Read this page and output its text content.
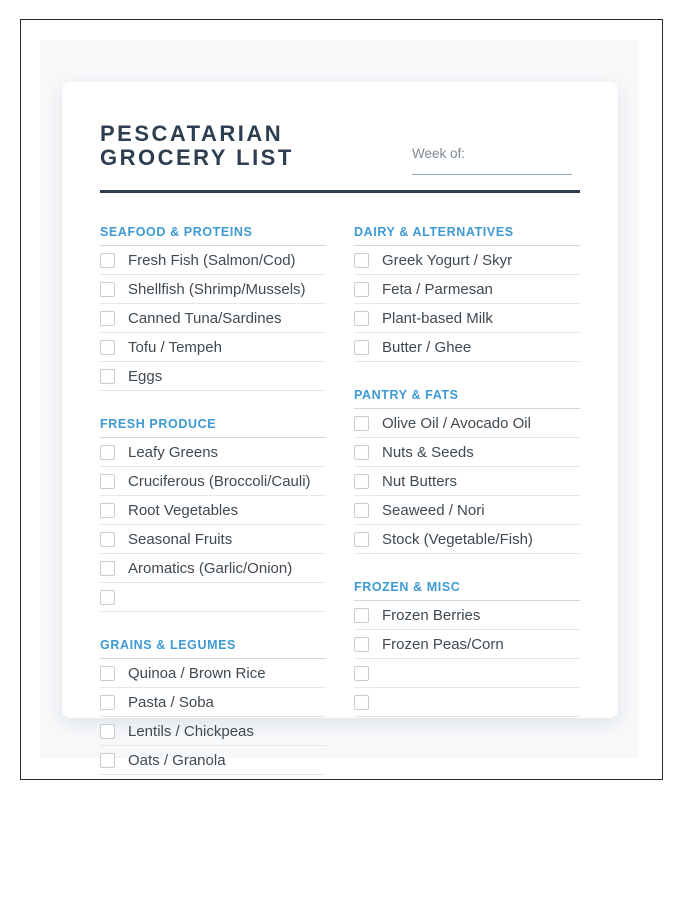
PESCATARIAN
GROCERY LIST	Week of:
SEAFOOD & PROTEINS
Fresh Fish (Salmon/Cod)
Shellfish (Shrimp/Mussels)
Canned Tuna/Sardines
Tofu / Tempeh
Eggs
FRESH PRODUCE
Leafy Greens
Cruciferous (Broccoli/Cauli)
Root Vegetables
Seasonal Fruits
Aromatics (Garlic/Onion)
GRAINS & LEGUMES
Quinoa / Brown Rice
Pasta / Soba
Lentils / Chickpeas
Oats / Granola
DAIRY & ALTERNATIVES
Greek Yogurt / Skyr
Feta / Parmesan
Plant-based Milk
Butter / Ghee
PANTRY & FATS
Olive Oil / Avocado Oil
Nuts & Seeds
Nut Butters
Seaweed / Nori
Stock (Vegetable/Fish)
FROZEN & MISC
Frozen Berries
Frozen Peas/Corn
